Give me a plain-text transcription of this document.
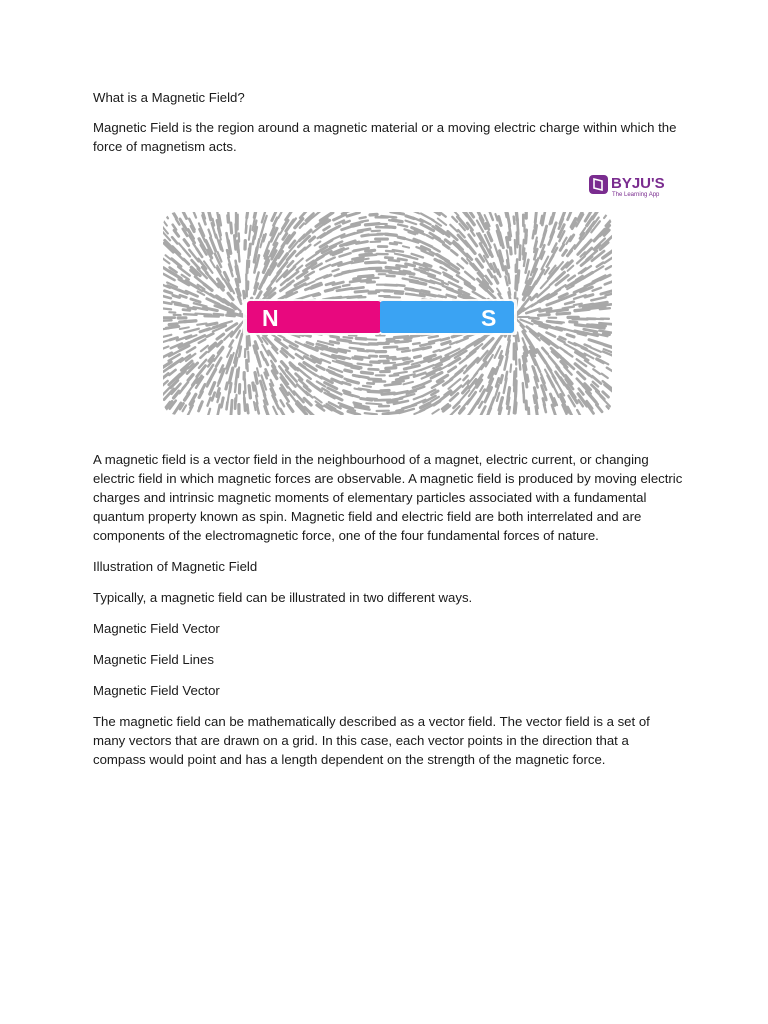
What is a Magnetic Field?

Magnetic Field is the region around a magnetic material or a moving electric charge within which the force of magnetism acts.

A magnetic field is a vector field in the neighbourhood of a magnet, electric current, or changing electric field in which magnetic forces are observable. A magnetic field is produced by moving electric charges and intrinsic magnetic moments of elementary particles associated with a fundamental quantum property known as spin. Magnetic field and electric field are both interrelated and are components of the electromagnetic force, one of the four fundamental forces of nature.

Illustration of Magnetic Field

Typically, a magnetic field can be illustrated in two different ways.

Magnetic Field Vector

Magnetic Field Lines

Magnetic Field Vector

The magnetic field can be mathematically described as a vector field. The vector field is a set of many vectors that are drawn on a grid. In this case, each vector points in the direction that a compass would point and has a length dependent on the strength of the magnetic force.

BYJU'S
The Learning App
N	S
